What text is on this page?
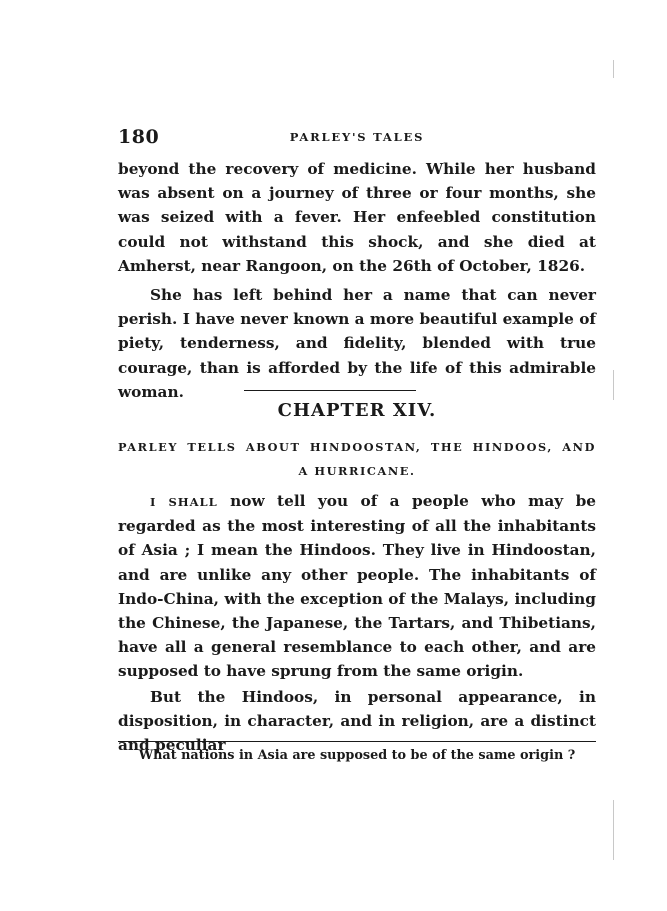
180	PARLEY'S TALES

beyond the recovery of medicine. While her husband was absent on a journey of three or four months, she was seized with a fever. Her enfeebled constitution could not withstand this shock, and she died at Amherst, near Rangoon, on the 26th of October, 1826.

She has left behind her a name that can never perish. I have never known a more beautiful example of piety, tenderness, and fidelity, blended with true courage, than is afforded by the life of this admirable woman.

CHAPTER XIV.
PARLEY TELLS ABOUT HINDOOSTAN, THE HINDOOS, AND
A HURRICANE.

I SHALL now tell you of a people who may be regarded as the most interesting of all the inhabitants of Asia ; I mean the Hindoos. They live in Hindoostan, and are unlike any other people. The inhabitants of Indo-China, with the exception of the Malays, including the Chinese, the Japanese, the Tartars, and Thibetians, have all a general resemblance to each other, and are supposed to have sprung from the same origin.

But the Hindoos, in personal appearance, in disposition, in character, and in religion, are a distinct and peculiar

What nations in Asia are supposed to be of the same origin ?
